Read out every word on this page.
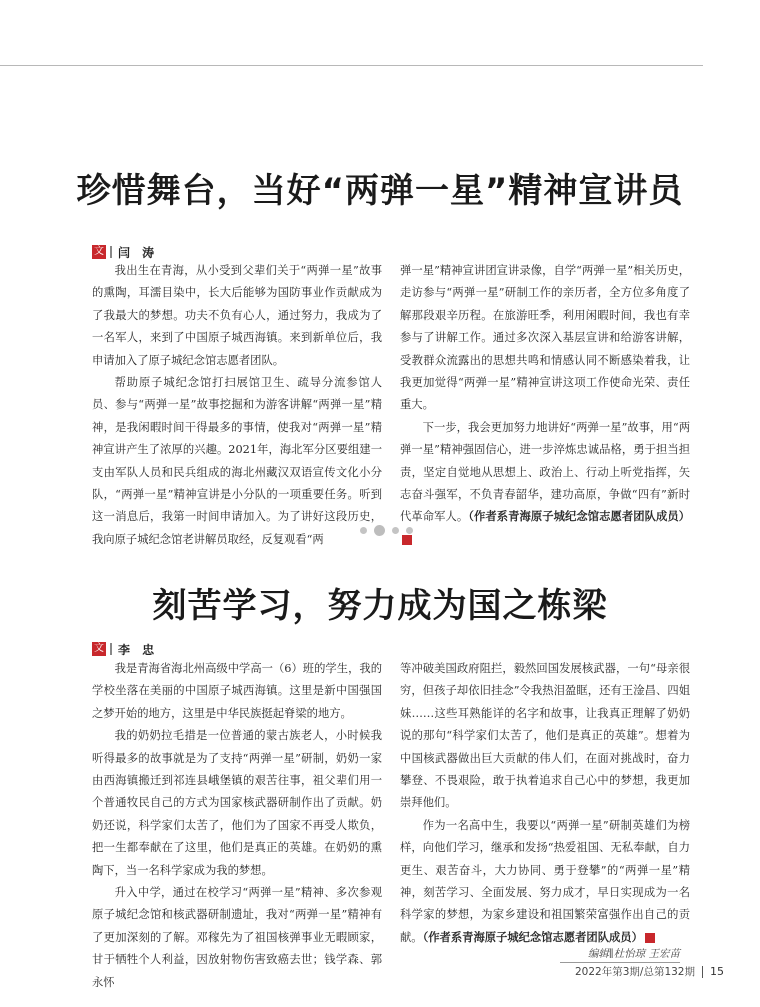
珍惜舞台，当好“两弹一星”精神宣讲员
文 闫 涛

我出生在青海，从小受到父辈们关于“两弹一星”故事的熏陶，耳濡目染中，长大后能够为国防事业作贡献成为了我最大的梦想。功夫不负有心人，通过努力，我成为了一名军人，来到了中国原子城西海镇。来到新单位后，我申请加入了原子城纪念馆志愿者团队。

帮助原子城纪念馆打扫展馆卫生、疏导分流参馆人员、参与“两弹一星”故事挖掘和为游客讲解“两弹一星”精神，是我闲暇时间干得最多的事情，使我对“两弹一星”精神宣讲产生了浓厚的兴趣。2021年，海北军分区要组建一支由军队人员和民兵组成的海北州藏汉双语宣传文化小分队，“两弹一星”精神宣讲是小分队的一项重要任务。听到这一消息后，我第一时间申请加入。为了讲好这段历史，我向原子城纪念馆老讲解员取经，反复观看“两

弹一星”精神宣讲团宣讲录像，自学“两弹一星”相关历史，走访参与“两弹一星”研制工作的亲历者，全方位多角度了解那段艰辛历程。在旅游旺季，利用闲暇时间，我也有幸参与了讲解工作。通过多次深入基层宣讲和给游客讲解，受教群众流露出的思想共鸣和情感认同不断感染着我，让我更加觉得“两弹一星”精神宣讲这项工作使命光荣、责任重大。

下一步，我会更加努力地讲好“两弹一星”故事，用“两弹一星”精神强固信心，进一步淬炼忠诚品格，勇于担当担责，坚定自觉地从思想上、政治上、行动上听党指挥，矢志奋斗强军，不负青春韶华，建功高原，争做“四有”新时代革命军人。（作者系青海原子城纪念馆志愿者团队成员）G

刻苦学习，努力成为国之栋梁
文 李 忠

我是青海省海北州高级中学高一（6）班的学生，我的学校坐落在美丽的中国原子城西海镇。这里是新中国强国之梦开始的地方，这里是中华民族挺起脊梁的地方。

我的奶奶拉毛措是一位普通的蒙古族老人，小时候我听得最多的故事就是为了支持“两弹一星”研制，奶奶一家由西海镇搬迁到祁连县峨堡镇的艰苦往事，祖父辈们用一个普通牧民自己的方式为国家核武器研制作出了贡献。奶奶还说，科学家们太苦了，他们为了国家不再受人欺负，把一生都奉献在了这里，他们是真正的英雄。在奶奶的熏陶下，当一名科学家成为我的梦想。

升入中学，通过在校学习“两弹一星”精神、多次参观原子城纪念馆和核武器研制遗址，我对“两弹一星”精神有了更加深刻的了解。邓稼先为了祖国核弹事业无暇顾家，甘于牺牲个人利益，因放射物伤害致癌去世；钱学森、郭永怀

等冲破美国政府阻拦，毅然回国发展核武器，一句“母亲很穷，但孩子却依旧挂念”令我热泪盈眶，还有王淦昌、四姐妹……这些耳熟能详的名字和故事，让我真正理解了奶奶说的那句“科学家们太苦了，他们是真正的英雄”。想着为中国核武器做出巨大贡献的伟人们，在面对挑战时，奋力攀登、不畏艰险，敢于执着追求自己心中的梦想，我更加崇拜他们。

作为一名高中生，我要以“两弹一星”研制英雄们为榜样，向他们学习，继承和发扬“热爱祖国、无私奉献，自力更生、艰苦奋斗，大力协同、勇于登攀”的“两弹一星”精神，刻苦学习、全面发展、努力成才，早日实现成为一名科学家的梦想，为家乡建设和祖国繁荣富强作出自己的贡献。（作者系青海原子城纪念馆志愿者团队成员）	G

编辑∥杜怡琼 王宏苗
2022年第3期/总第132期 15
